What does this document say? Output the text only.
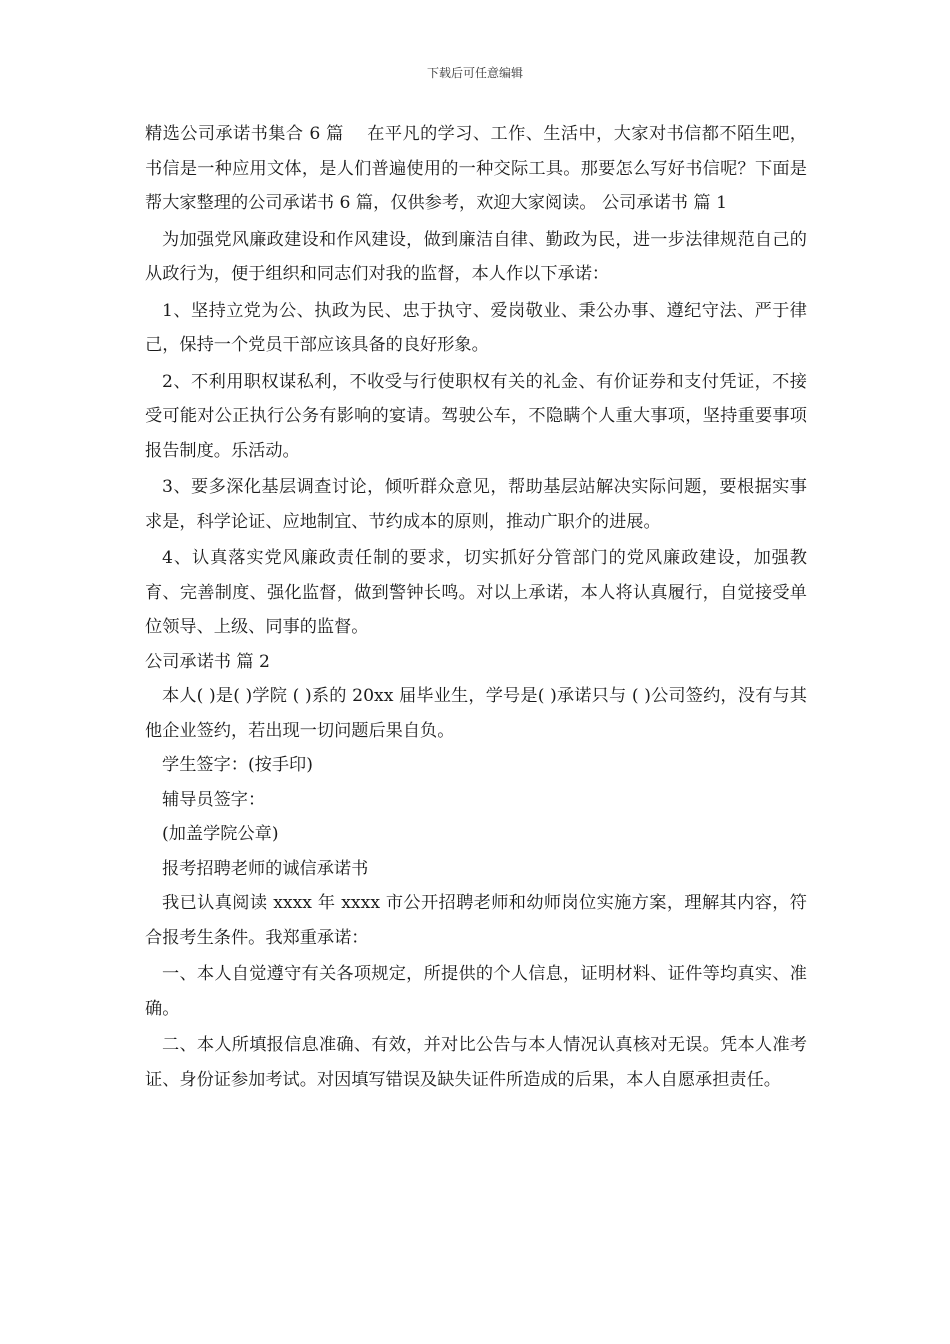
下载后可任意编辑

精选公司承诺书集合 6 篇　 在平凡的学习、工作、生活中，大家对书信都不陌生吧，书信是一种应用文体，是人们普遍使用的一种交际工具。那要怎么写好书信呢？下面是帮大家整理的公司承诺书 6 篇，仅供参考，欢迎大家阅读。 公司承诺书 篇 1

为加强党风廉政建设和作风建设，做到廉洁自律、勤政为民，进一步法律规范自己的从政行为，便于组织和同志们对我的监督，本人作以下承诺：

1、坚持立党为公、执政为民、忠于执守、爱岗敬业、秉公办事、遵纪守法、严于律己，保持一个党员干部应该具备的良好形象。

2、不利用职权谋私利，不收受与行使职权有关的礼金、有价证券和支付凭证，不接受可能对公正执行公务有影响的宴请。驾驶公车，不隐瞒个人重大事项，坚持重要事项报告制度。乐活动。

3、要多深化基层调查讨论，倾听群众意见，帮助基层站解决实际问题，要根据实事求是，科学论证、应地制宜、节约成本的原则，推动广职介的进展。

4、认真落实党风廉政责任制的要求，切实抓好分管部门的党风廉政建设，加强教育、完善制度、强化监督，做到警钟长鸣。对以上承诺，本人将认真履行，自觉接受单位领导、上级、同事的监督。

公司承诺书 篇 2

本人( )是( )学院 ( )系的 20xx 届毕业生，学号是( )承诺只与 ( )公司签约，没有与其他企业签约，若出现一切问题后果自负。

学生签字：(按手印)

辅导员签字：

(加盖学院公章)

报考招聘老师的诚信承诺书

我已认真阅读 xxxx 年 xxxx 市公开招聘老师和幼师岗位实施方案，理解其内容，符合报考生条件。我郑重承诺：

一、本人自觉遵守有关各项规定，所提供的个人信息，证明材料、证件等均真实、准确。

二、本人所填报信息准确、有效，并对比公告与本人情况认真核对无误。凭本人准考证、身份证参加考试。对因填写错误及缺失证件所造成的后果，本人自愿承担责任。
